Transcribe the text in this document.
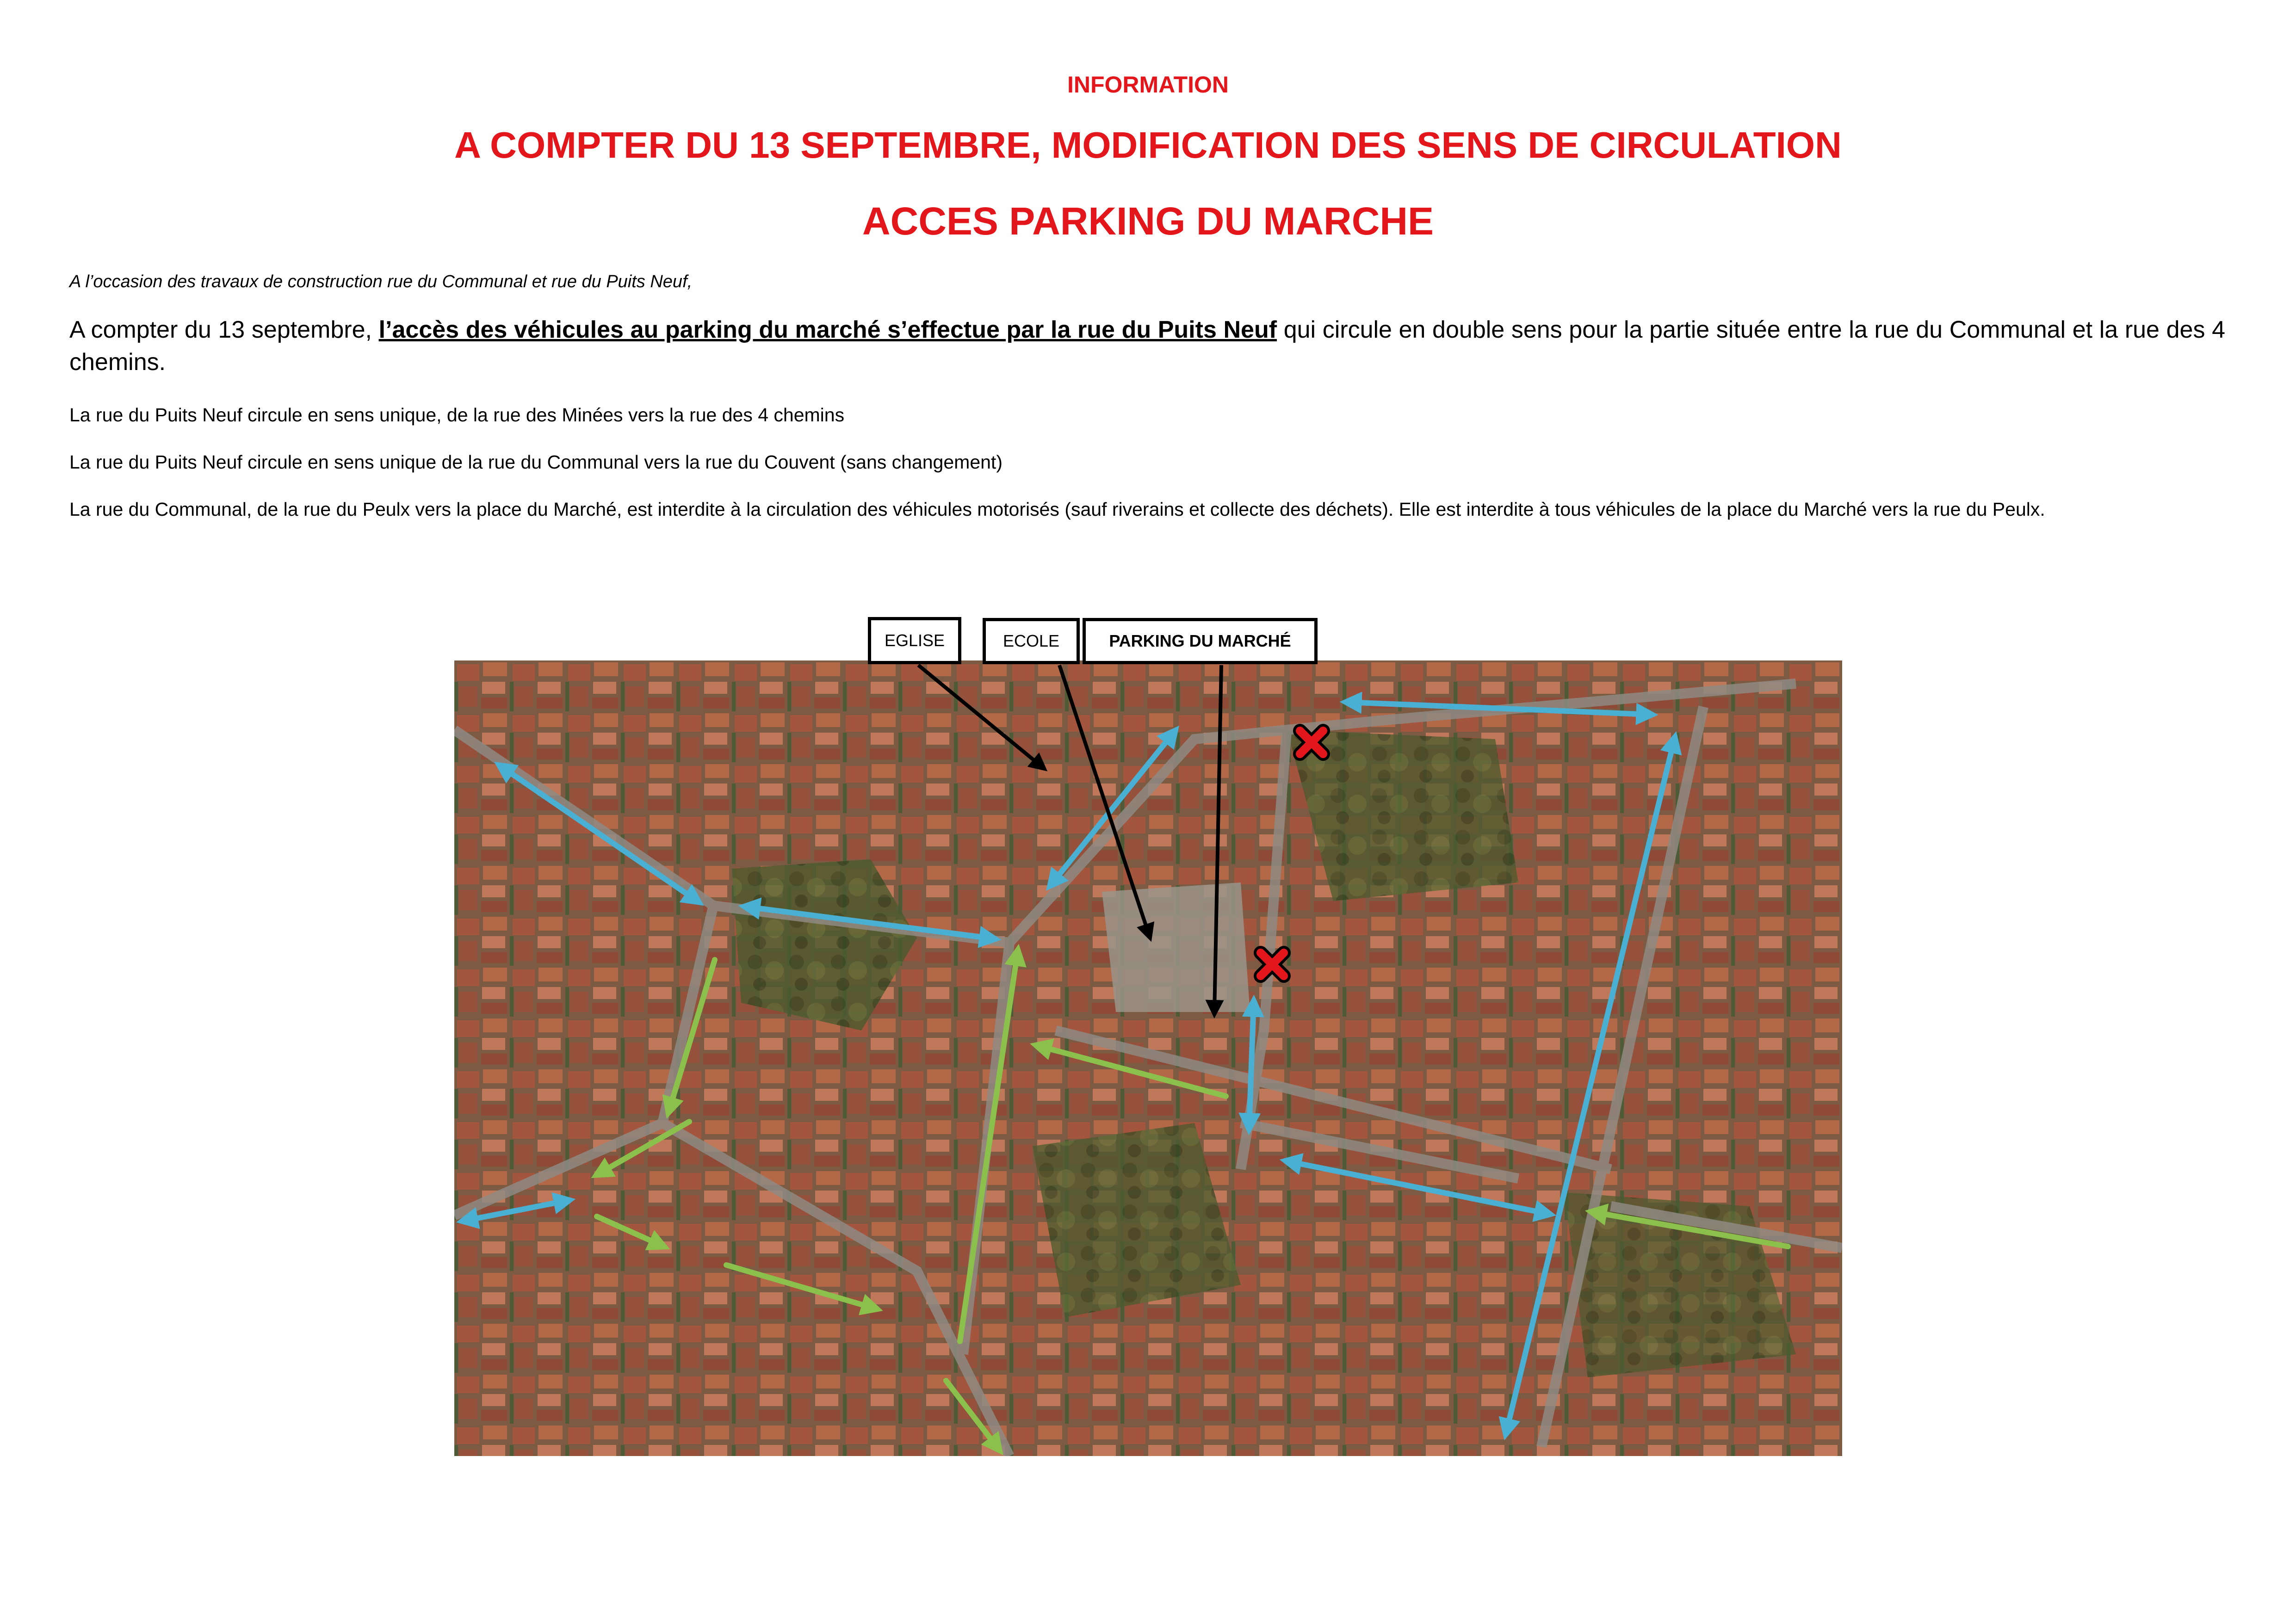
INFORMATION
A COMPTER DU 13 SEPTEMBRE, MODIFICATION DES SENS DE CIRCULATION
ACCES PARKING DU MARCHE
A l’occasion des travaux de construction rue du Communal et rue du Puits Neuf,
A compter du 13 septembre, l’accès des véhicules au parking du marché s’effectue par la rue du Puits Neuf qui circule en double sens pour la partie située entre la rue du Communal et la rue des 4 chemins.
La rue du Puits Neuf circule en sens unique, de la rue des Minées vers la rue des 4 chemins
La rue du Puits Neuf circule en sens unique de la rue du Communal vers la rue du Couvent (sans changement)
La rue du Communal, de la rue du Peulx vers la place du Marché, est interdite à la circulation des véhicules motorisés (sauf riverains et collecte des déchets). Elle est interdite à tous véhicules de la place du Marché vers la rue du Peulx.
EGLISE	ECOLE	PARKING DU MARCHÉ
